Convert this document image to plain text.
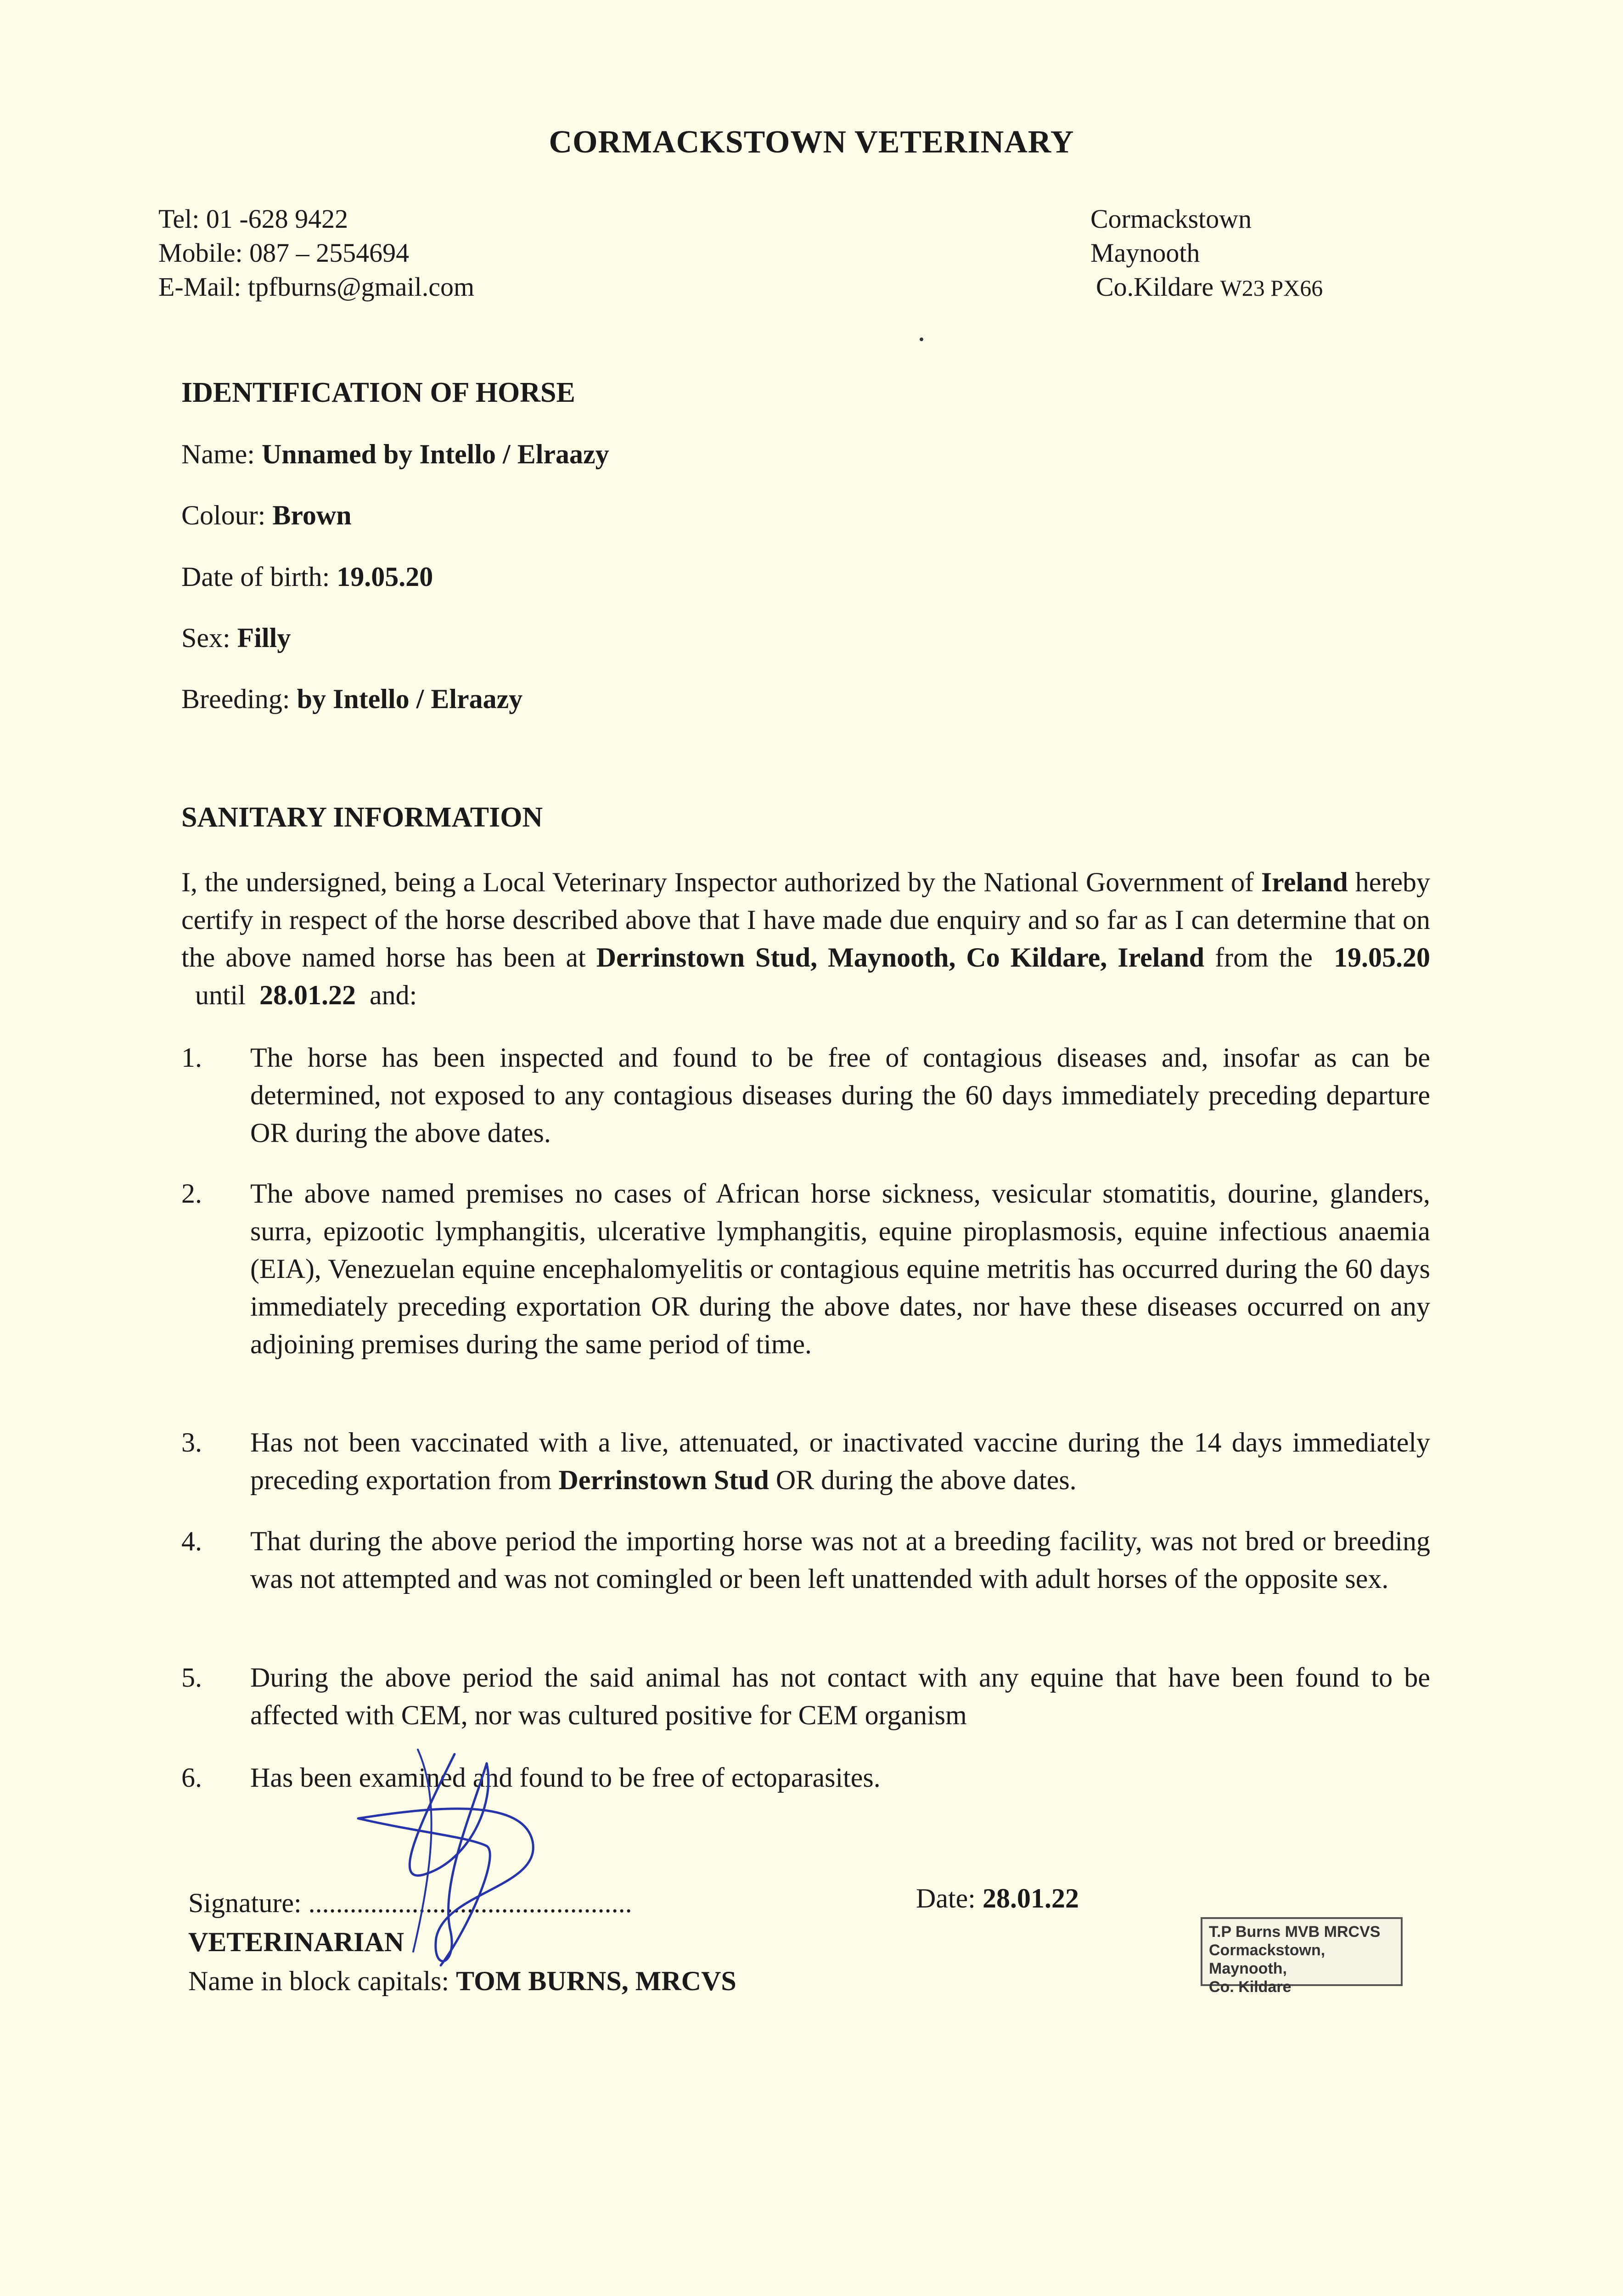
CORMACKSTOWN VETERINARY
Tel: 01 -628 9422
Mobile: 087 – 2554694
E-Mail: tpfburns@gmail.com
Cormackstown
Maynooth
Co.Kildare W23 PX66
IDENTIFICATION OF HORSE
Name: Unnamed by Intello / Elraazy
Colour: Brown
Date of birth: 19.05.20
Sex: Filly
Breeding: by Intello / Elraazy
SANITARY INFORMATION
I, the undersigned, being a Local Veterinary Inspector authorized by the National Government of Ireland hereby certify in respect of the horse described above that I have made due enquiry and so far as I can determine that on the above named horse has been at Derrinstown Stud, Maynooth, Co Kildare, Ireland from the  19.05.20  until  28.01.22  and:
1.	The horse has been inspected and found to be free of contagious diseases and, insofar as can be determined, not exposed to any contagious diseases during the 60 days immediately preceding departure OR during the above dates.
2.	The above named premises no cases of African horse sickness, vesicular stomatitis, dourine, glanders, surra, epizootic lymphangitis, ulcerative lymphangitis, equine piroplasmosis, equine infectious anaemia (EIA), Venezuelan equine encephalomyelitis or contagious equine metritis has occurred during the 60 days immediately preceding exportation OR during the above dates, nor have these diseases occurred on any adjoining premises during the same period of time.
3.	Has not been vaccinated with a live, attenuated, or inactivated vaccine during the 14 days immediately preceding exportation from Derrinstown Stud OR during the above dates.
4.	That during the above period the importing horse was not at a breeding facility, was not bred or breeding was not attempted and was not comingled or been left unattended with adult horses of the opposite sex.
5.	During the above period the said animal has not contact with any equine that have been found to be affected with CEM, nor was cultured positive for CEM organism
6.	Has been examined and found to be free of ectoparasites.
Signature: ...............................................
VETERINARIAN
Name in block capitals: TOM BURNS, MRCVS
Date: 28.01.22
T.P Burns MVB MRCVS
Cormackstown, Maynooth,
Co. Kildare
